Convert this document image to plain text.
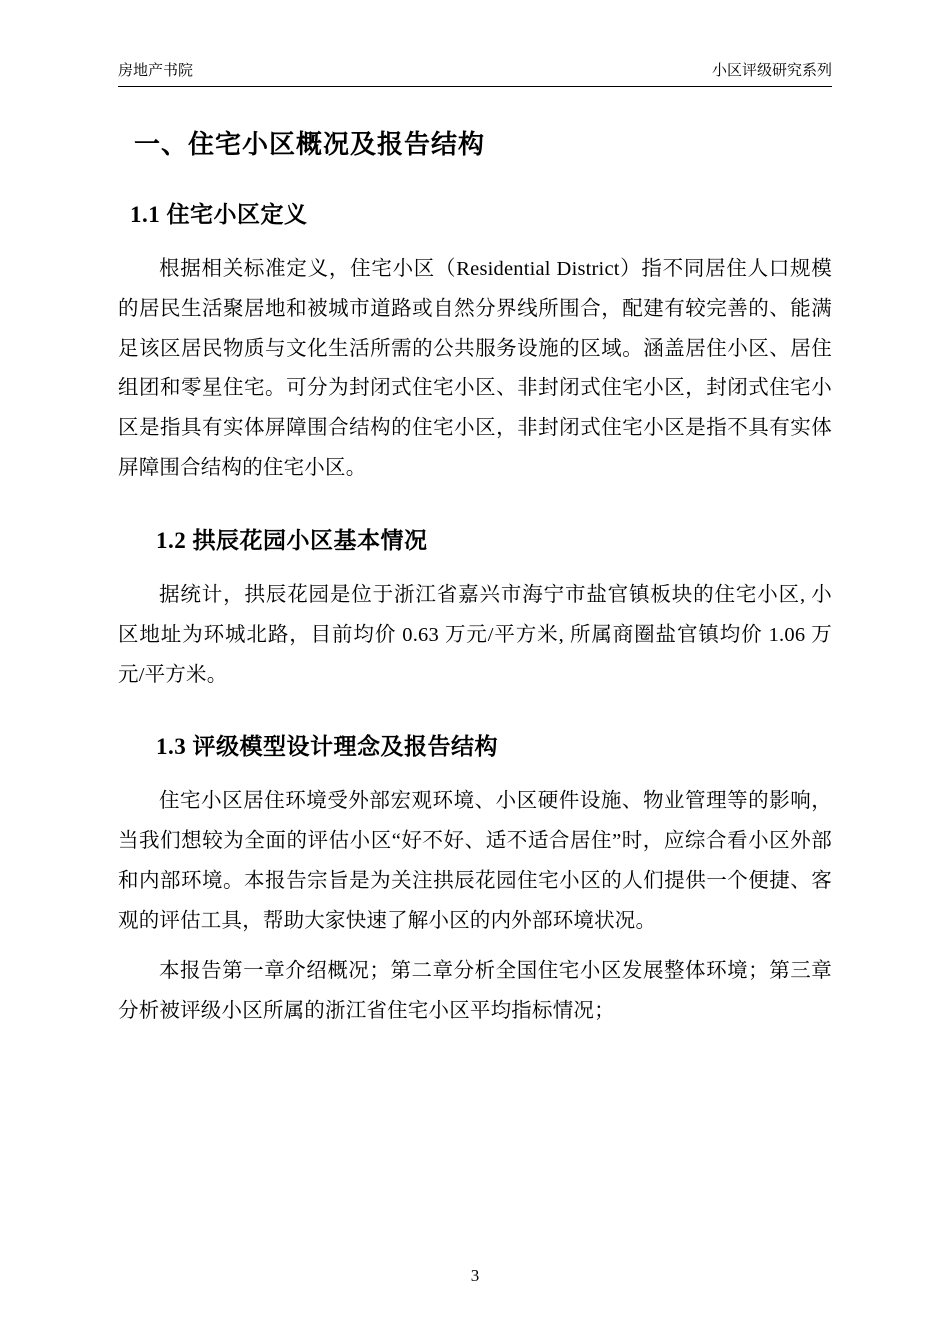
房地产书院	小区评级研究系列
一、住宅小区概况及报告结构
1.1 住宅小区定义

根据相关标准定义，住宅小区（Residential District）指不同居住人口规模的居民生活聚居地和被城市道路或自然分界线所围合，配建有较完善的、能满足该区居民物质与文化生活所需的公共服务设施的区域。涵盖居住小区、居住组团和零星住宅。可分为封闭式住宅小区、非封闭式住宅小区，封闭式住宅小区是指具有实体屏障围合结构的住宅小区，非封闭式住宅小区是指不具有实体屏障围合结构的住宅小区。

1.2 拱辰花园小区基本情况

据统计，拱辰花园是位于浙江省嘉兴市海宁市盐官镇板块的住宅小区, 小区地址为环城北路，目前均价 0.63 万元/平方米, 所属商圈盐官镇均价 1.06 万元/平方米。

1.3 评级模型设计理念及报告结构

住宅小区居住环境受外部宏观环境、小区硬件设施、物业管理等的影响，当我们想较为全面的评估小区“好不好、适不适合居住”时，应综合看小区外部和内部环境。本报告宗旨是为关注拱辰花园住宅小区的人们提供一个便捷、客观的评估工具，帮助大家快速了解小区的内外部环境状况。

本报告第一章介绍概况；第二章分析全国住宅小区发展整体环境；第三章分析被评级小区所属的浙江省住宅小区平均指标情况；

3
